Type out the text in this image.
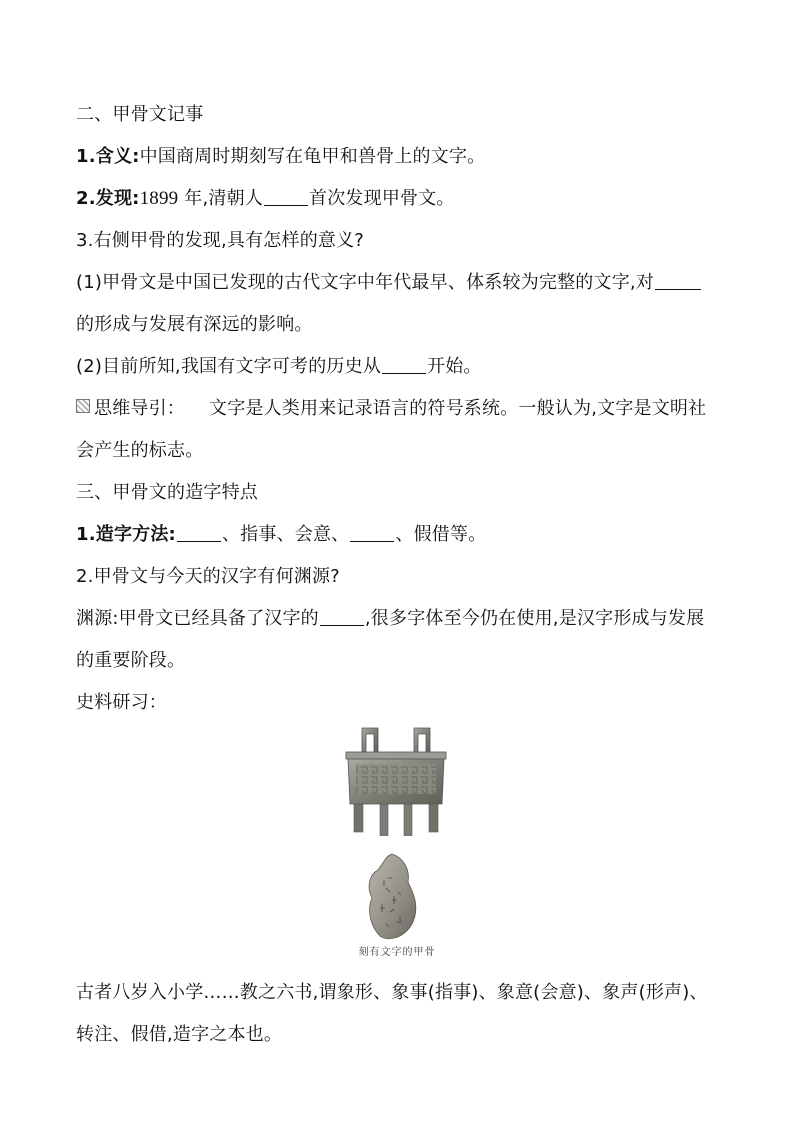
二、甲骨文记事
1.含义:中国商周时期刻写在龟甲和兽骨上的文字。
2.发现:1899 年,清朝人	首次发现甲骨文。
3.右侧甲骨的发现,具有怎样的意义?
(1)甲骨文是中国已发现的古代文字中年代最早、体系较为完整的文字,对
的形成与发展有深远的影响。
(2)目前所知,我国有文字可考的历史从	开始。
思维导引： 文字是人类用来记录语言的符号系统。一般认为,文字是文明社
会产生的标志。
三、甲骨文的造字特点
1.造字方法:	、指事、会意、	、假借等。
2.甲骨文与今天的汉字有何渊源?
渊源:甲骨文已经具备了汉字的	,很多字体至今仍在使用,是汉字形成与发展
的重要阶段。
史料研习：
刻有文字的甲骨
古者八岁入小学……教之六书,谓象形、象事(指事)、象意(会意)、象声(形声)、
转注、假借,造字之本也。
